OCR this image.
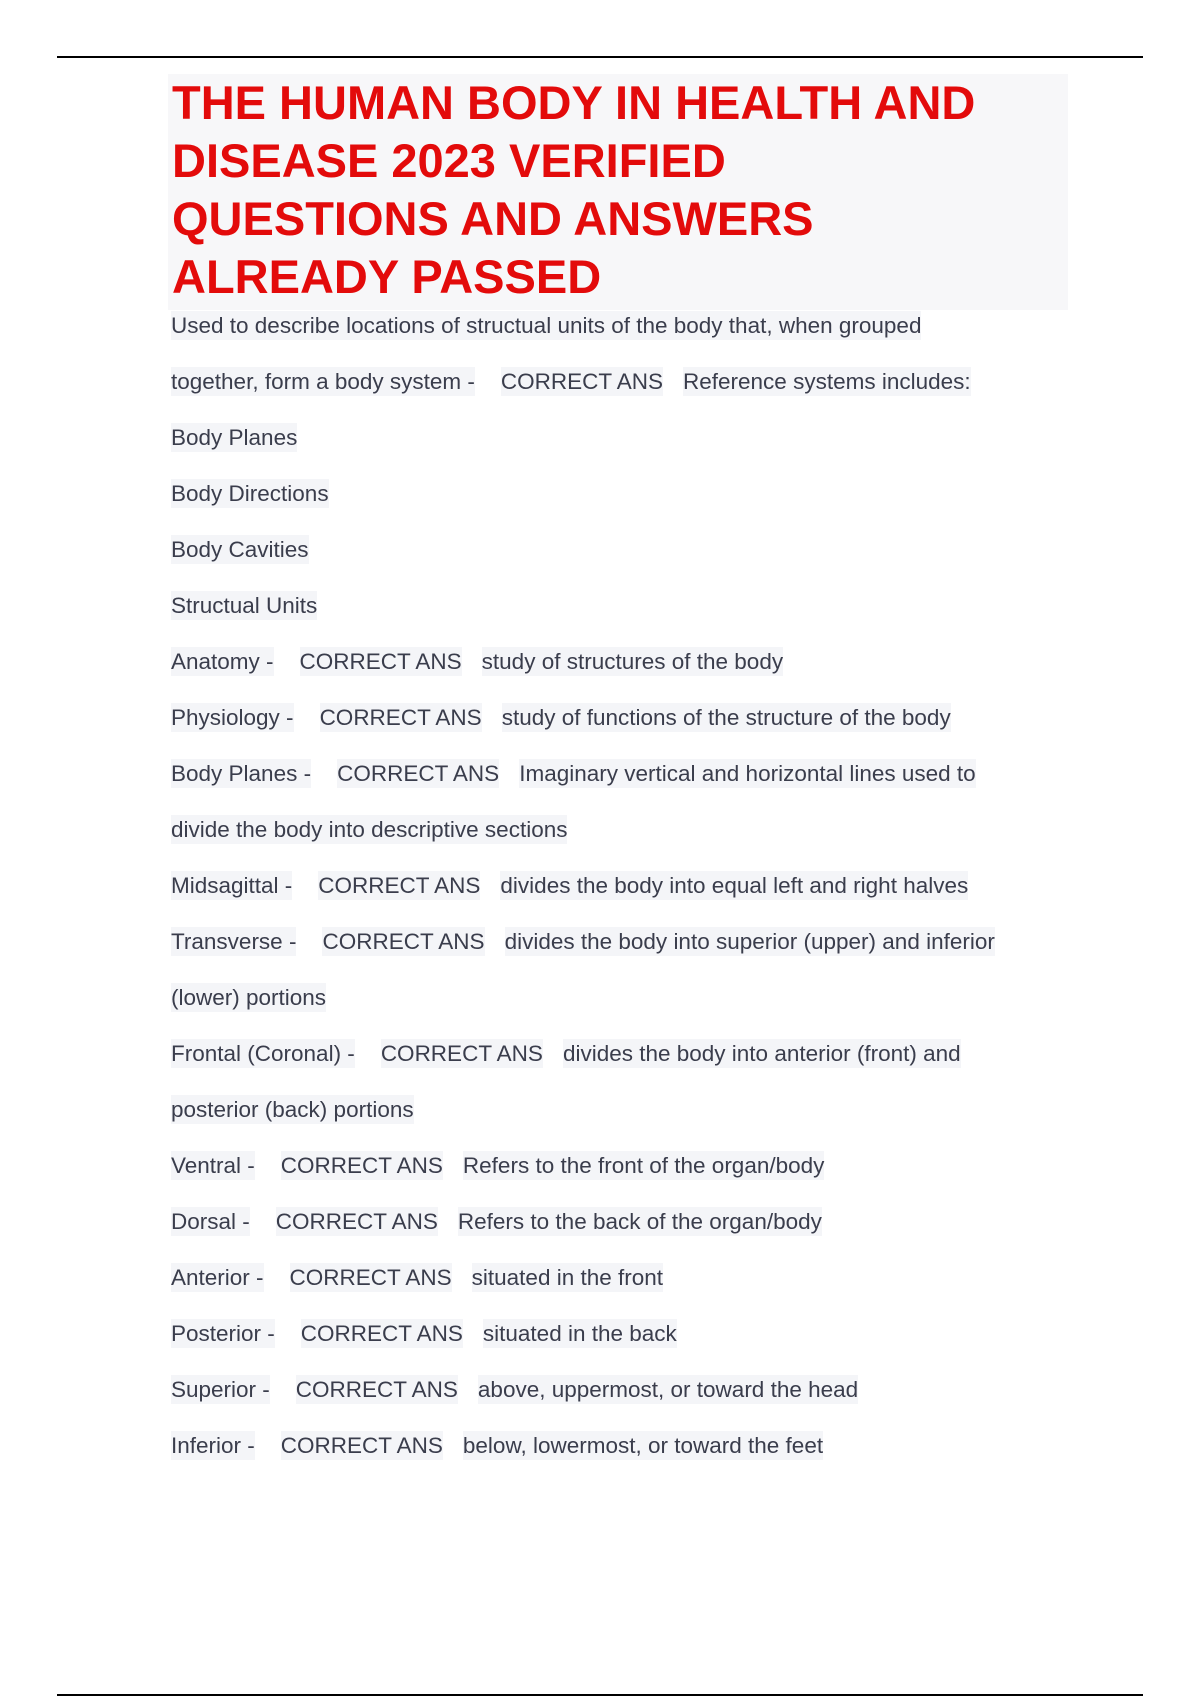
THE HUMAN BODY IN HEALTH AND
DISEASE 2023 VERIFIED
QUESTIONS AND ANSWERS
ALREADY PASSED
Used to describe locations of structual units of the body that, when grouped
together, form a body system - CORRECT ANS Reference systems includes:
Body Planes
Body Directions
Body Cavities
Structual Units
Anatomy - CORRECT ANS study of structures of the body
Physiology - CORRECT ANS study of functions of the structure of the body
Body Planes - CORRECT ANS Imaginary vertical and horizontal lines used to
divide the body into descriptive sections
Midsagittal - CORRECT ANS divides the body into equal left and right halves
Transverse - CORRECT ANS divides the body into superior (upper) and inferior
(lower) portions
Frontal (Coronal) - CORRECT ANS divides the body into anterior (front) and
posterior (back) portions
Ventral - CORRECT ANS Refers to the front of the organ/body
Dorsal - CORRECT ANS Refers to the back of the organ/body
Anterior - CORRECT ANS situated in the front
Posterior - CORRECT ANS situated in the back
Superior - CORRECT ANS above, uppermost, or toward the head
Inferior - CORRECT ANS below, lowermost, or toward the feet
